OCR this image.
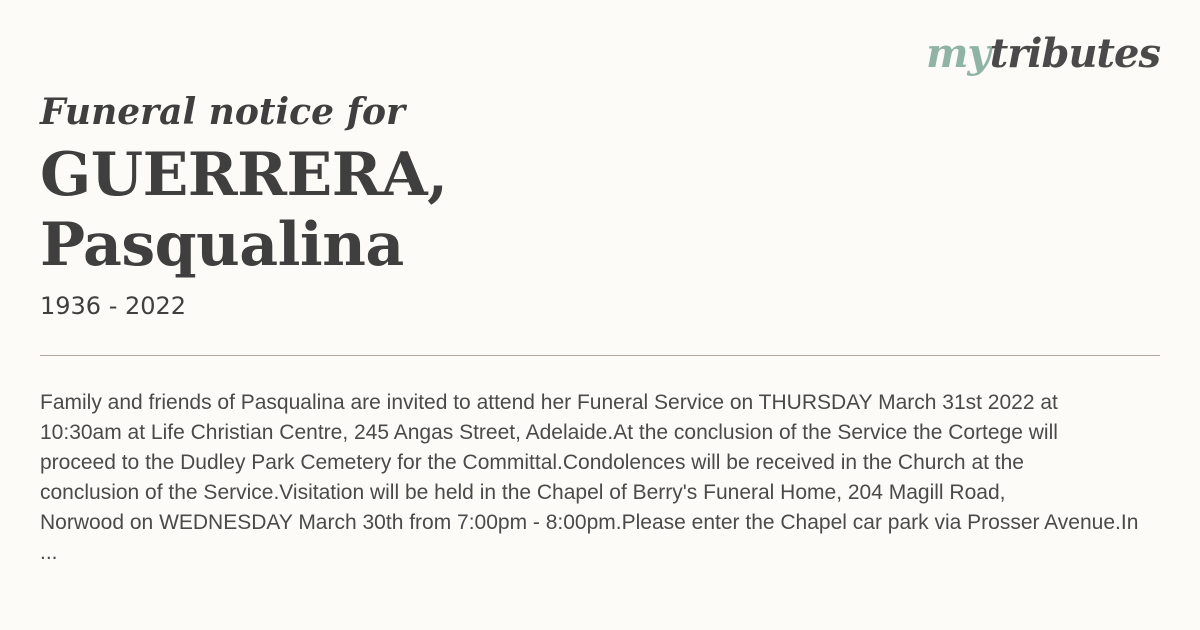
mytributes
Funeral notice for
GUERRERA,
Pasqualina
1936 - 2022

Family and friends of Pasqualina are invited to attend her Funeral Service on THURSDAY March 31st 2022 at
10:30am at Life Christian Centre, 245 Angas Street, Adelaide.At the conclusion of the Service the Cortege will
proceed to the Dudley Park Cemetery for the Committal.Condolences will be received in the Church at the
conclusion of the Service.Visitation will be held in the Chapel of Berry's Funeral Home, 204 Magill Road,
Norwood on WEDNESDAY March 30th from 7:00pm - 8:00pm.Please enter the Chapel car park via Prosser Avenue.In
...
